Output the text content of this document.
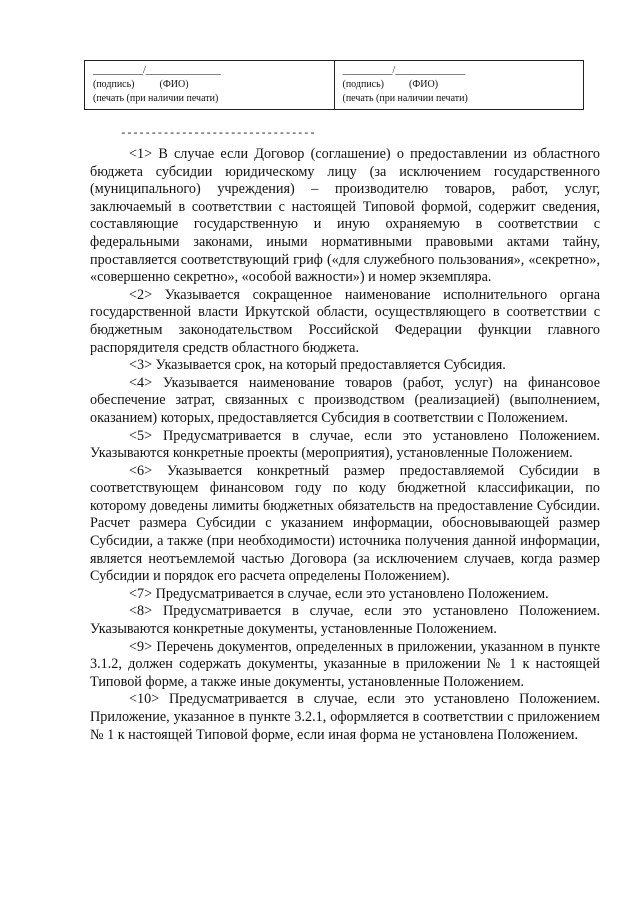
__________/_______________
(подпись)          (ФИО)
(печать (при наличии печати)
__________/______________
(подпись)          (ФИО)
(печать (при наличии печати)
--------------------------------

<1> В случае если Договор (соглашение) о предоставлении из областного бюджета субсидии юридическому лицу (за исключением государственного (муниципального) учреждения) – производителю товаров, работ, услуг, заключаемый в соответствии с настоящей Типовой формой, содержит сведения, составляющие государственную и иную охраняемую в соответствии с федеральными законами, иными нормативными правовыми актами тайну, проставляется соответствующий гриф («для служебного пользования», «секретно», «совершенно секретно», «особой важности») и номер экземпляра.

<2> Указывается сокращенное наименование исполнительного органа государственной власти Иркутской области, осуществляющего в соответствии с бюджетным законодательством Российской Федерации функции главного распорядителя средств областного бюджета.

<3> Указывается срок, на который предоставляется Субсидия.

<4> Указывается наименование товаров (работ, услуг) на финансовое обеспечение затрат, связанных с производством (реализацией) (выполнением, оказанием) которых, предоставляется Субсидия в соответствии с Положением.

<5> Предусматривается в случае, если это установлено Положением. Указываются конкретные проекты (мероприятия), установленные Положением.

<6> Указывается конкретный размер предоставляемой Субсидии в соответствующем финансовом году по коду бюджетной классификации, по которому доведены лимиты бюджетных обязательств на предоставление Субсидии. Расчет размера Субсидии с указанием информации, обосновывающей размер Субсидии, а также (при необходимости) источника получения данной информации, является неотъемлемой частью Договора (за исключением случаев, когда размер Субсидии и порядок его расчета определены Положением).

<7> Предусматривается в случае, если это установлено Положением.

<8> Предусматривается в случае, если это установлено Положением. Указываются конкретные документы, установленные Положением.

<9> Перечень документов, определенных в приложении, указанном в пункте 3.1.2, должен содержать документы, указанные в приложении № 1 к настоящей Типовой форме, а также иные документы, установленные Положением.

<10> Предусматривается в случае, если это установлено Положением. Приложение, указанное в пункте 3.2.1, оформляется в соответствии с приложением № 1 к настоящей Типовой форме, если иная форма не установлена Положением.
